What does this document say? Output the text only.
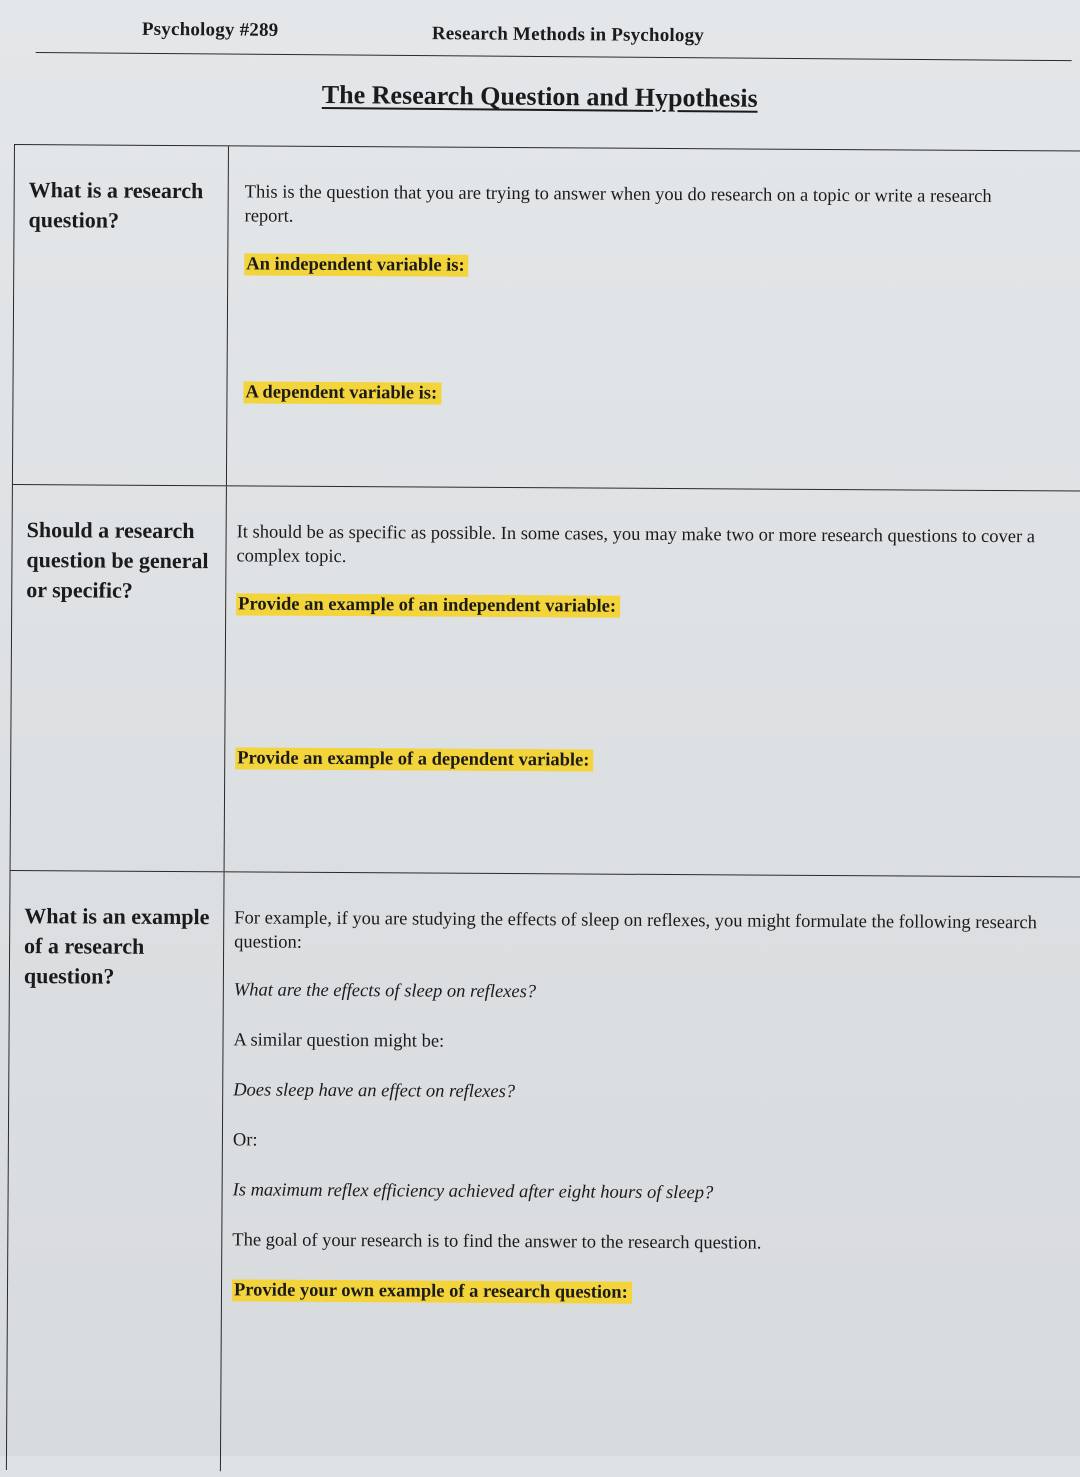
Psychology #289	Research Methods in Psychology
The Research Question and Hypothesis
What is a research question?

This is the question that you are trying to answer when you do research on a topic or write a research report.

An independent variable is:

A dependent variable is:

Should a research question be general or specific?

It should be as specific as possible. In some cases, you may make two or more research questions to cover a complex topic.

Provide an example of an independent variable:

Provide an example of a dependent variable:

What is an example of a research question?

For example, if you are studying the effects of sleep on reflexes, you might formulate the following research question:

What are the effects of sleep on reflexes?

A similar question might be:

Does sleep have an effect on reflexes?

Or:

Is maximum reflex efficiency achieved after eight hours of sleep?

The goal of your research is to find the answer to the research question.

Provide your own example of a research question:
